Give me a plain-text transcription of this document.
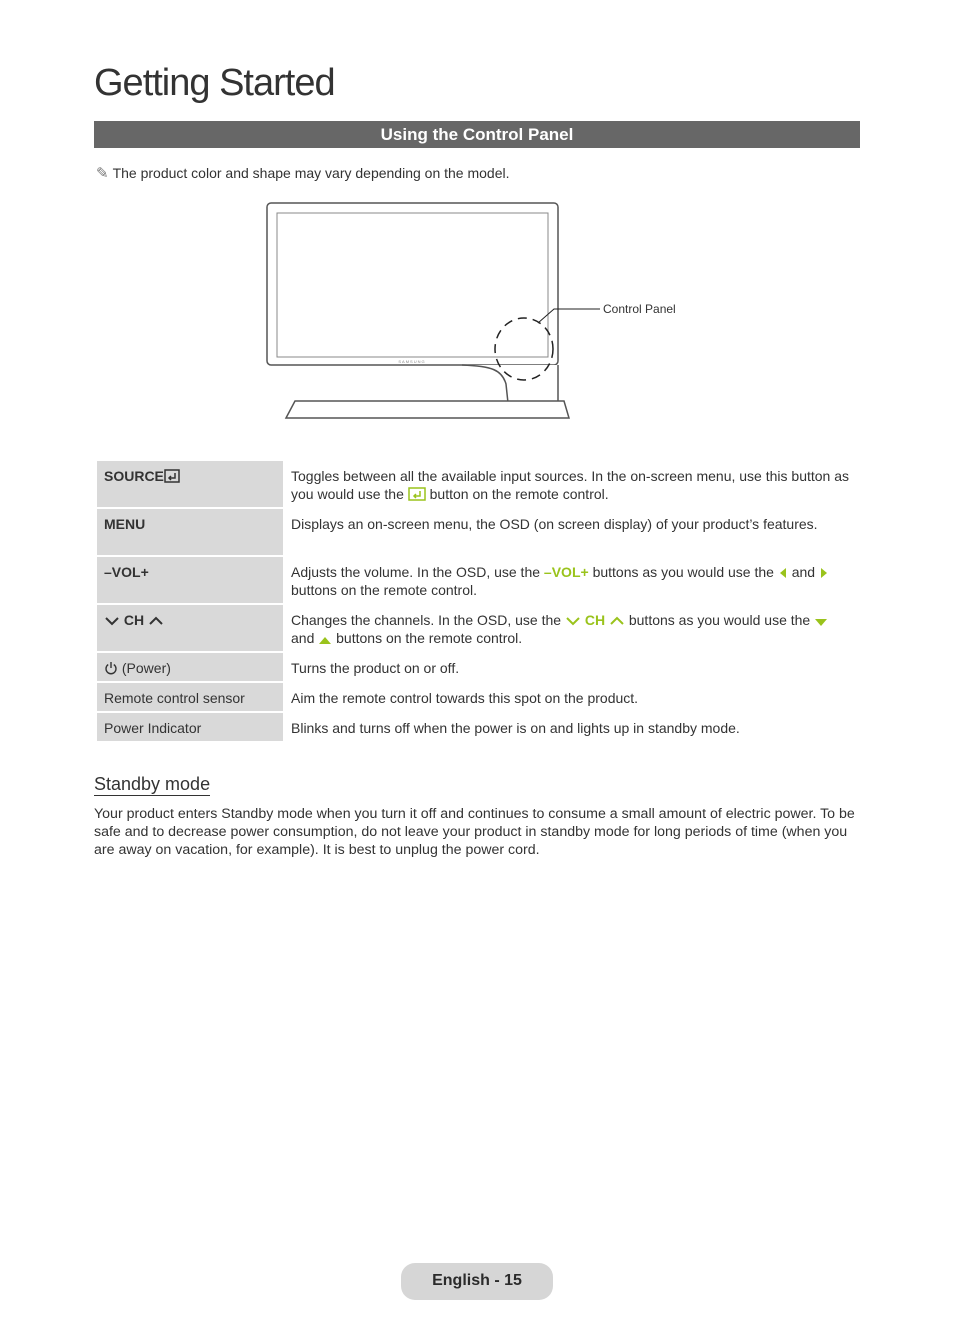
Getting Started
Using the Control Panel
✎ The product color and shape may vary depending on the model.
SAMSUNG
Control Panel
SOURCE	Toggles between all the available input sources. In the on-screen menu, use this button as you would use the  button on the remote control.
MENU	Displays an on-screen menu, the OSD (on screen display) of your product’s features.
–VOL+	Adjusts the volume. In the OSD, use the –VOL+ buttons as you would use the  and  buttons on the remote control.
CH	Changes the channels. In the OSD, use the  CH  buttons as you would use the
and  buttons on the remote control.
(Power)	Turns the product on or off.
Remote control sensor	Aim the remote control towards this spot on the product.
Power Indicator	Blinks and turns off when the power is on and lights up in standby mode.
Standby mode

Your product enters Standby mode when you turn it off and continues to consume a small amount of electric power. To be safe and to decrease power consumption, do not leave your product in standby mode for long periods of time (when you are away on vacation, for example). It is best to unplug the power cord.

English - 15
